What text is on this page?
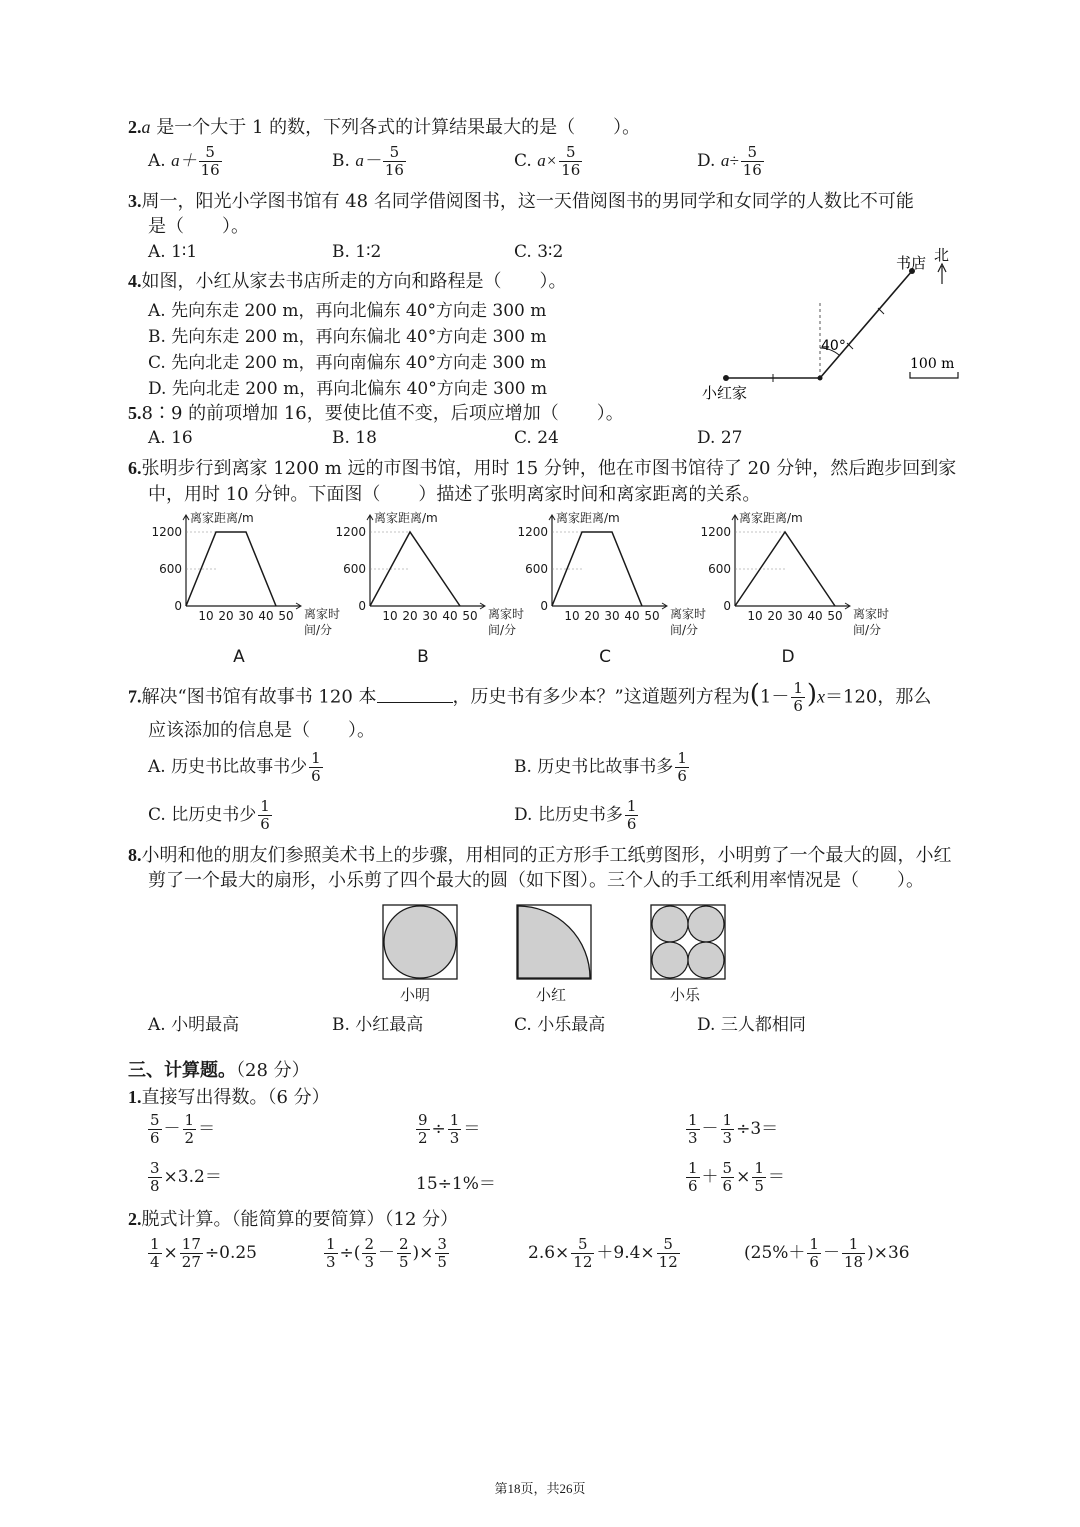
2.a 是一个大于 1 的数，下列各式的计算结果最大的是（ ）。
A. $a+ \frac{5}{16}$	B. $a- \frac{5}{16}$	C. $a\times \frac{5}{16}$	D. $a\div \frac{5}{16}$
3.周一，阳光小学图书馆有 48 名同学借阅图书，这一天借阅图书的男同学和女同学的人数比不可能
是（ ）。
A. 1∶1	B. 1∶2	C. 3∶2
4.如图，小红从家去书店所走的方向和路程是（ ）。
A. 先向东走 200 m，再向北偏东 40°方向走 300 m
B. 先向东走 200 m，再向东偏北 40°方向走 300 m
C. 先向北走 200 m，再向南偏东 40°方向走 300 m
D. 先向北走 200 m，再向北偏东 40°方向走 300 m
书店 北
40°
100 m
小红家
5.8∶9 的前项增加 16，要使比值不变，后项应增加（ ）。
A. 16	B. 18	C. 24	D. 27
6.张明步行到离家 1200 m 远的市图书馆，用时 15 分钟，他在市图书馆待了 20 分钟，然后跑步回到家
中，用时 10 分钟。下面图（ ）描述了张明离家时间和离家距离的关系。
0
600
1200
10 20 30 40 50
离家距离/m
离家时
间/分
A
0
600
1200
10 20 30 40 50
离家距离/m
离家时
间/分
B
0
600
1200
10 20 30 40 50
离家距离/m
离家时
间/分
C
0
600
1200
10 20 30 40 50
离家距离/m
离家时
间/分
D
7.解决“图书馆有故事书 120 本	，历史书有多少本？”这道题列方程为$(1- \frac{1}{6} )x=120$，那么
应该添加的信息是（ ）。
A. 历史书比故事书少 $\frac{1}{6}$	B. 历史书比故事书多 $\frac{1}{6}$
C. 比历史书少 $\frac{1}{6}$	D. 比历史书多 $\frac{1}{6}$
8.小明和他的朋友们参照美术书上的步骤，用相同的正方形手工纸剪图形，小明剪了一个最大的圆，小红
剪了一个最大的扇形，小乐剪了四个最大的圆（如下图）。三个人的手工纸利用率情况是（ ）。
小明	小红	小乐
A. 小明最高	B. 小红最高	C. 小乐最高	D. 三人都相同
三、计算题。（28 分）
1.直接写出得数。（6 分）
$\frac{5}{6} - \frac{1}{2}$ ＝	$\frac{9}{2} \div \frac{1}{3}$ ＝	$\frac{1}{3} - \frac{1}{3} \div 3=$
$\frac{3}{8} \times 3.2=$	15÷1%＝	$\frac{1}{6} + \frac{5}{6} \times \frac{1}{5}$ ＝
2.脱式计算。（能简算的要简算）（12 分）
$\frac{1}{4} \times \frac{17}{27} \div 0.25$	$\frac{1}{3}$ ÷( $\frac{2}{3} - \frac{2}{5}$ )× $\frac{3}{5}$	$2.6\times \frac{5}{12} +9.4\times \frac{5}{12}$	$(25\%+ \frac{1}{6} - \frac{1}{18} )\times 36$
第18页，共26页
